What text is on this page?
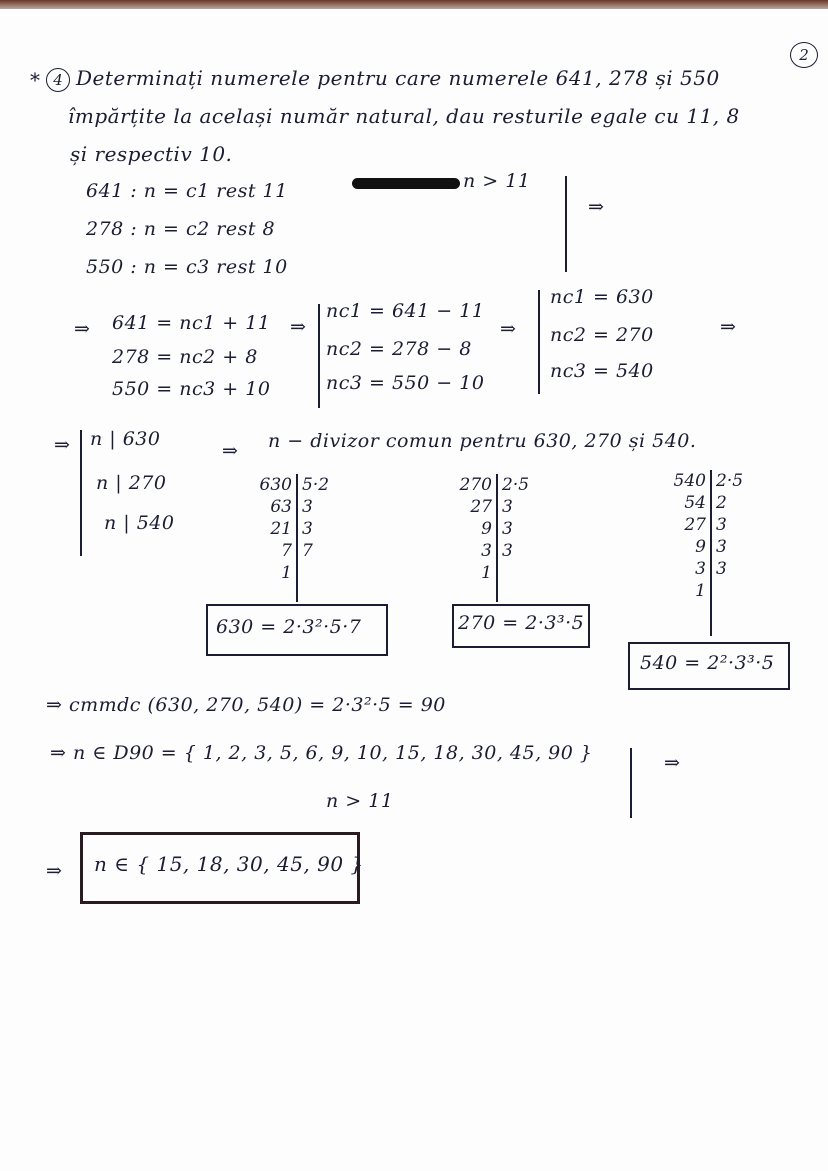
2
* 4 Determinați numerele pentru care numerele 641, 278 și 550
împărțite la același număr natural, dau resturile egale cu 11, 8
și respectiv 10.
641 : n = c1 rest 11
278 : n = c2 rest 8
550 : n = c3 rest 10
n > 11
⇒
⇒ 641 = nc1 + 11
278 = nc2 + 8
550 = nc3 + 10
⇒
nc1 = 641 − 11
nc2 = 278 − 8
nc3 = 550 − 10
⇒
nc1 = 630
nc2 = 270
nc3 = 540
⇒
⇒ n | 630
n | 270
n | 540
⇒ n − divizor comun pentru 630, 270 și 540.
630
63
21
7
1
5·2
3
3
7
630 = 2·3²·5·7
270
27
9
3
1
2·5
3
3
3
270 = 2·3³·5
540
54
27
9
3
1
2·5
2
3
3
3
540 = 2²·3³·5
⇒ cmmdc (630, 270, 540) = 2·3²·5 = 90
⇒ n ∈ D90 = { 1, 2, 3, 5, 6, 9, 10, 15, 18, 30, 45, 90 }	⇒
n > 11
⇒ n ∈ { 15, 18, 30, 45, 90 }
